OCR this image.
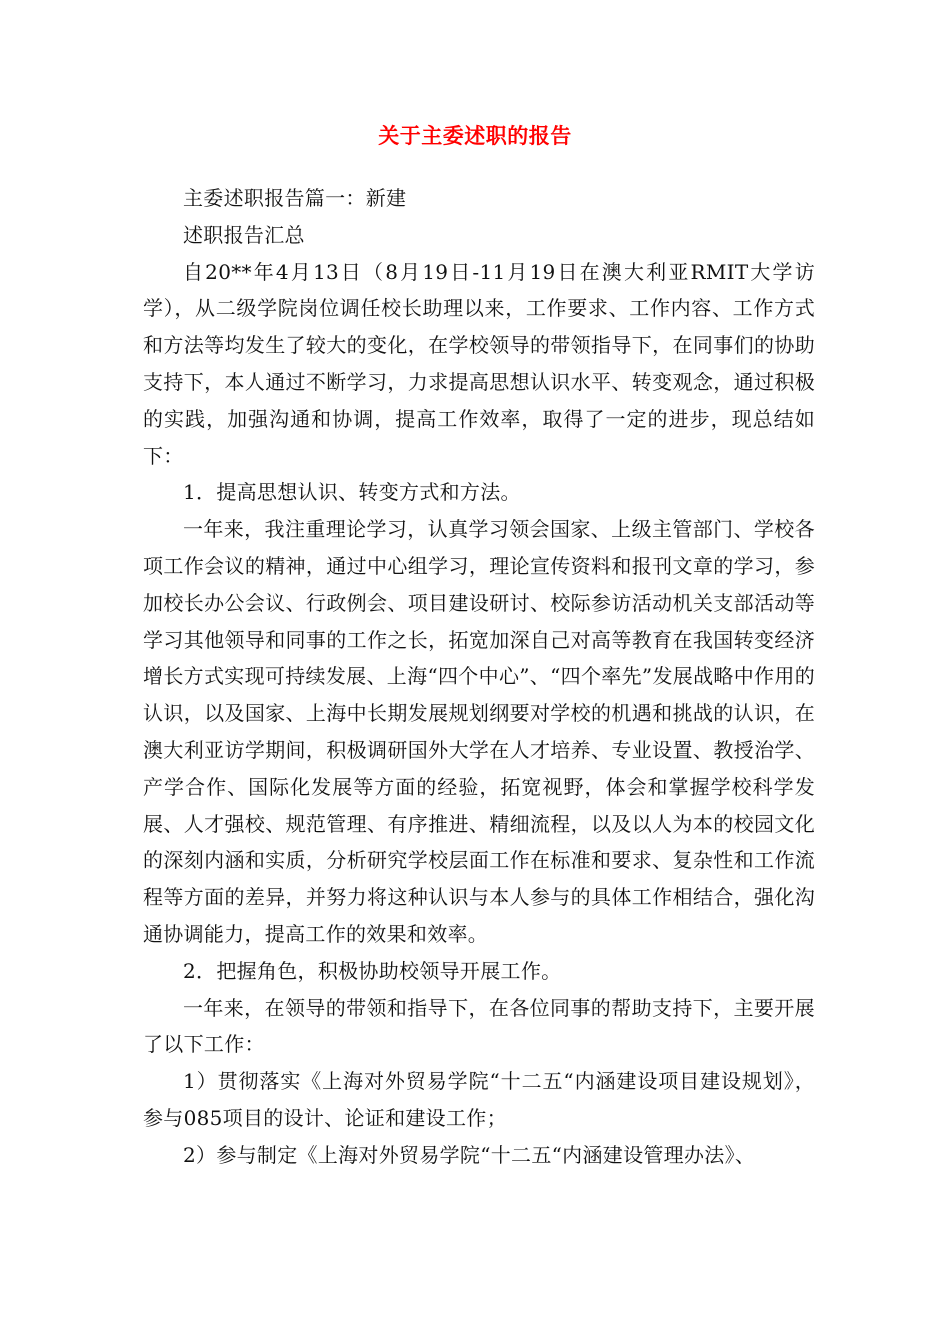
关于主委述职的报告

主委述职报告篇一：新建

述职报告汇总

自20**年4月13日（8月19日-11月19日在澳大利亚RMIT大学访学），从二级学院岗位调任校长助理以来，工作要求、工作内容、工作方式和方法等均发生了较大的变化，在学校领导的带领指导下，在同事们的协助支持下，本人通过不断学习，力求提高思想认识水平、转变观念，通过积极的实践，加强沟通和协调，提高工作效率，取得了一定的进步，现总结如下：

1．提高思想认识、转变方式和方法。

一年来，我注重理论学习，认真学习领会国家、上级主管部门、学校各项工作会议的精神，通过中心组学习，理论宣传资料和报刊文章的学习，参加校长办公会议、行政例会、项目建设研讨、校际参访活动机关支部活动等学习其他领导和同事的工作之长，拓宽加深自己对高等教育在我国转变经济增长方式实现可持续发展、上海“四个中心”、“四个率先”发展战略中作用的认识，以及国家、上海中长期发展规划纲要对学校的机遇和挑战的认识，在澳大利亚访学期间，积极调研国外大学在人才培养、专业设置、教授治学、产学合作、国际化发展等方面的经验，拓宽视野，体会和掌握学校科学发展、人才强校、规范管理、有序推进、精细流程，以及以人为本的校园文化的深刻内涵和实质，分析研究学校层面工作在标准和要求、复杂性和工作流程等方面的差异，并努力将这种认识与本人参与的具体工作相结合，强化沟通协调能力，提高工作的效果和效率。

2．把握角色，积极协助校领导开展工作。

一年来，在领导的带领和指导下，在各位同事的帮助支持下，主要开展了以下工作：

1）贯彻落实《上海对外贸易学院“十二五“内涵建设项目建设规划》，参与085项目的设计、论证和建设工作；

2）参与制定《上海对外贸易学院“十二五“内涵建设管理办法》、
